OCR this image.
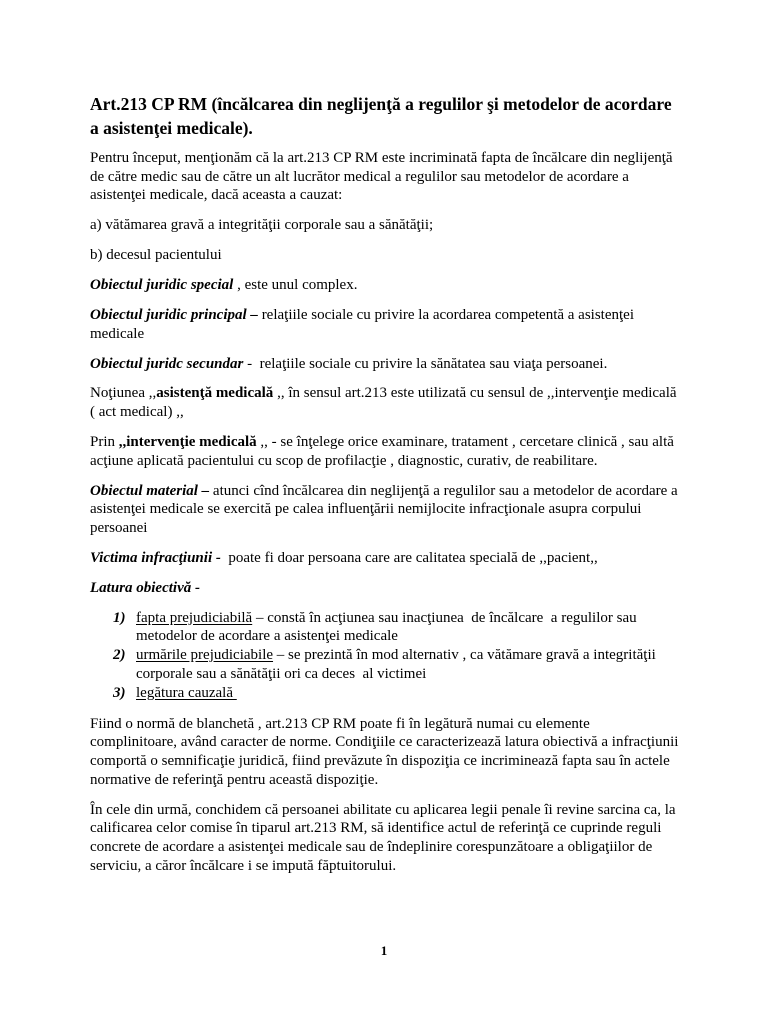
Art.213 CP RM (încălcarea din neglijenţă a regulilor şi metodelor de acordare a asistenţei medicale).

Pentru început, menţionăm că la art.213 CP RM este incriminată fapta de încălcare din neglijenţă de către medic sau de către un alt lucrător medical a regulilor sau metodelor de acordare a asistenţei medicale, dacă aceasta a cauzat:

a) vătămarea gravă a integrităţii corporale sau a sănătăţii;

b) decesul pacientului

Obiectul juridic special , este unul complex.

Obiectul juridic principal – relaţiile sociale cu privire la acordarea competentă a asistenţei medicale

Obiectul juridc secundar -  relaţiile sociale cu privire la sănătatea sau viaţa persoanei.

Noţiunea ,,asistenţă medicală ,, în sensul art.213 este utilizată cu sensul de ,,intervenţie medicală ( act medical) ,,

Prin ,,intervenţie medicală ,, - se înţelege orice examinare, tratament , cercetare clinică , sau altă acţiune aplicată pacientului cu scop de profilacţie , diagnostic, curativ, de reabilitare.

Obiectul material – atunci cînd încălcarea din neglijenţă a regulilor sau a metodelor de acordare a asistenţei medicale se exercită pe calea influenţării nemijlocite infracţionale asupra corpului persoanei

Victima infracţiunii -  poate fi doar persoana care are calitatea specială de ,,pacient,,

Latura obiectivă -

1) fapta prejudiciabilă – constă în acţiunea sau inacţiunea  de încălcare  a regulilor sau metodelor de acordare a asistenţei medicale
2) urmările prejudiciabile – se prezintă în mod alternativ , ca vătămare gravă a integrităţii corporale sau a sănătăţii ori ca deces  al victimei
3) legătura cauzală

Fiind o normă de blanchetă , art.213 CP RM poate fi în legătură numai cu elemente complinitoare, având caracter de norme. Condiţiile ce caracterizează latura obiectivă a infracţiunii comportă o semnificaţie juridică, fiind prevăzute în dispoziţia ce incriminează fapta sau în actele normative de referinţă pentru această dispoziţie.

În cele din urmă, conchidem că persoanei abilitate cu aplicarea legii penale îi revine sarcina ca, la calificarea celor comise în tiparul art.213 RM, să identifice actul de referinţă ce cuprinde reguli concrete de acordare a asistenţei medicale sau de îndeplinire corespunzătoare a obligaţiilor de serviciu, a căror încălcare i se impută făptuitorului.

1
